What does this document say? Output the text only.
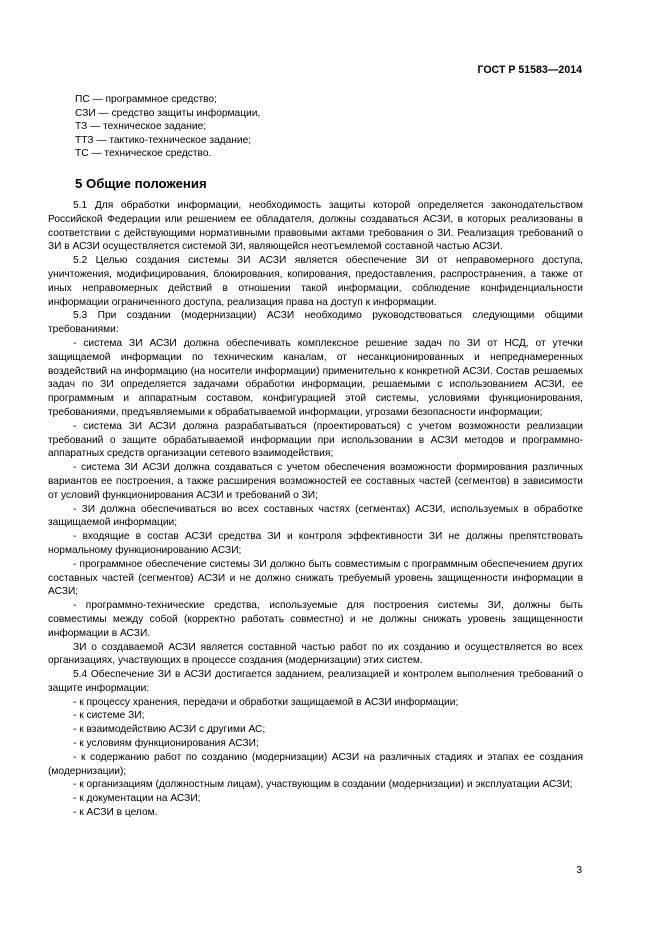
ГОСТ Р 51583—2014
ПС — программное средство;
СЗИ — средство защиты информации,
ТЗ — техническое задание;
ТТЗ — тактико-техническое задание;
ТС — техническое средство.
5 Общие положения

5.1 Для обработки информации, необходимость защиты которой определяется законодательством Российской Федерации или решением ее обладателя, должны создаваться АСЗИ, в которых реализованы в соответствии с действующими нормативными правовыми актами требования о ЗИ. Реализация требований о ЗИ в АСЗИ осуществляется системой ЗИ, являющейся неотъемлемой составной частью АСЗИ.

5.2 Целью создания системы ЗИ АСЗИ является обеспечение ЗИ от неправомерного доступа, уничтожения, модифицирования, блокирования, копирования, предоставления, распространения, а также от иных неправомерных действий в отношении такой информации, соблюдение конфиденциальности информации ограниченного доступа, реализация права на доступ к информации.

5.3 При создании (модернизации) АСЗИ необходимо руководствоваться следующими общими требованиями:

- система ЗИ АСЗИ должна обеспечивать комплексное решение задач по ЗИ от НСД, от утечки защищаемой информации по техническим каналам, от несанкционированных и непреднамеренных воздействий на информацию (на носители информации) применительно к конкретной АСЗИ. Состав решаемых задач по ЗИ определяется задачами обработки информации, решаемыми с использованием АСЗИ, ее программным и аппаратным составом, конфигурацией этой системы, условиями функционирования, требованиями, предъявляемыми к обрабатываемой информации, угрозами безопасности информации;

- система ЗИ АСЗИ должна разрабатываться (проектироваться) с учетом возможности реализации требований о защите обрабатываемой информации при использовании в АСЗИ методов и программно-аппаратных средств организации сетевого взаимодействия;

- система ЗИ АСЗИ должна создаваться с учетом обеспечения возможности формирования различных вариантов ее построения, а также расширения возможностей ее составных частей (сегментов) в зависимости от условий функционирования АСЗИ и требований о ЗИ;

- ЗИ должна обеспечиваться во всех составных частях (сегментах) АСЗИ, используемых в обработке защищаемой информации;

- входящие в состав АСЗИ средства ЗИ и контроля эффективности ЗИ не должны препятствовать нормальному функционированию АСЗИ;

- программное обеспечение системы ЗИ должно быть совместимым с программным обеспечением других составных частей (сегментов) АСЗИ и не должно снижать требуемый уровень защищенности информации в АСЗИ;

- программно-технические средства, используемые для построения системы ЗИ, должны быть совместимы между собой (корректно работать совместно) и не должны снижать уровень защищенности информации в АСЗИ.

ЗИ о создаваемой АСЗИ является составной частью работ по их созданию и осуществляется во всех организациях, участвующих в процессе создания (модернизации) этих систем.

5.4 Обеспечение ЗИ в АСЗИ достигается заданием, реализацией и контролем выполнения требований о защите информации:

- к процессу хранения, передачи и обработки защищаемой в АСЗИ информации;

- к системе ЗИ;

- к взаимодействию АСЗИ с другими АС;

- к условиям функционирования АСЗИ;

- к содержанию работ по созданию (модернизации) АСЗИ на различных стадиях и этапах ее создания (модернизации);

- к организациям (должностным лицам), участвующим в создании (модернизации) и эксплуатации АСЗИ;

- к документации на АСЗИ;

- к АСЗИ в целом.

3
